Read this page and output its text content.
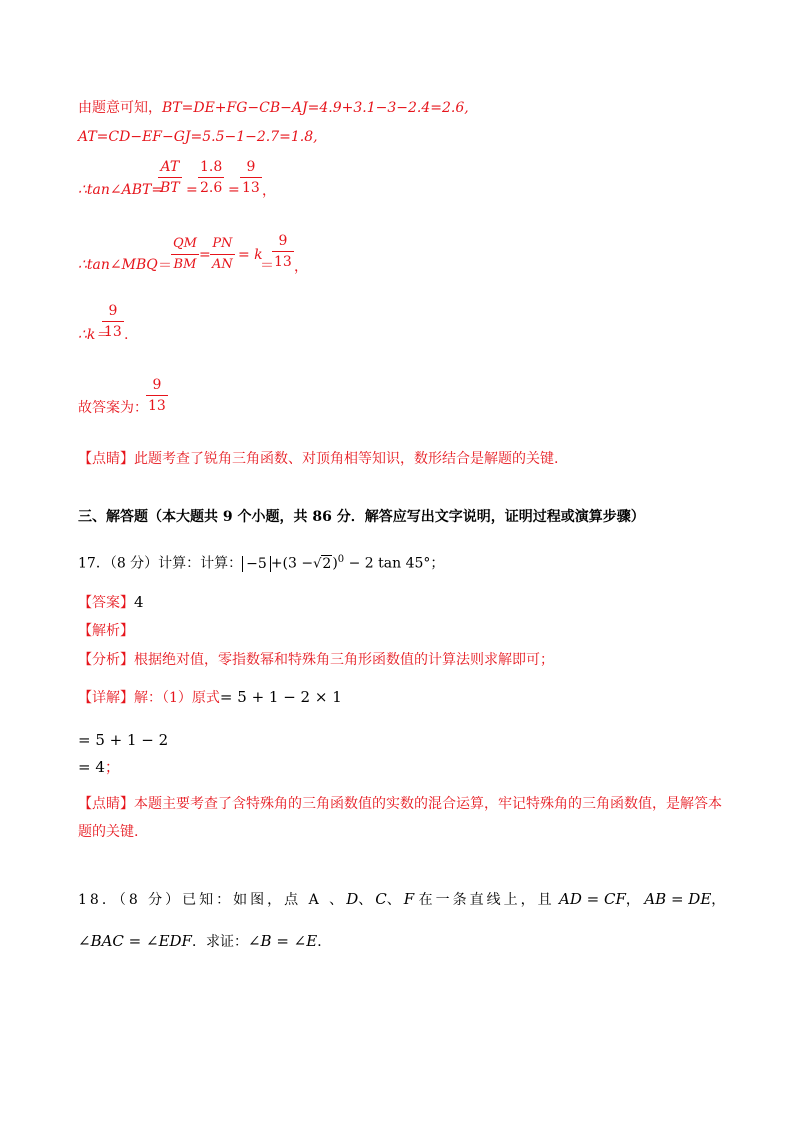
由题意可知，BT=DE+FG−CB−AJ=4.9+3.1−3−2.4=2.6,
AT=CD−EF−GJ=5.5−1−2.7=1.8,
∴tan∠ABT=
AT
BT =
1.8
2.6 =
9
13 ，
∴tan∠MBQ ＝
QM
BM
=
PN
AN
= k
＝
9
13 ，
9
13
∴k＝ .
故答案为：
9
13
【点睛】此题考查了锐角三角函数、对顶角相等知识，数形结合是解题的关键.
三、解答题（本大题共 9 个小题，共 86 分．解答应写出文字说明，证明过程或演算步骤）
17．（8 分）计算：计算： $-5 +(3 -√2)^0 - 2$ tan 45°；
【答案】4
【解析】
【分析】根据绝对值，零指数幂和特殊角三角形函数值的计算法则求解即可；
【详解】解：（1）原式= 5 + 1 − 2 × 1
= 5 + 1 − 2
= 4；
【点睛】本题主要考查了含特殊角的三角函数值的实数的混合运算，牢记特殊角的三角函数值，是解答本
题的关键.
18．（8 分）已知：如图，点 A 、D、C、F 在一条直线上，且 AD = CF， AB = DE，
∠BAC = ∠EDF．求证：∠B = ∠E．
